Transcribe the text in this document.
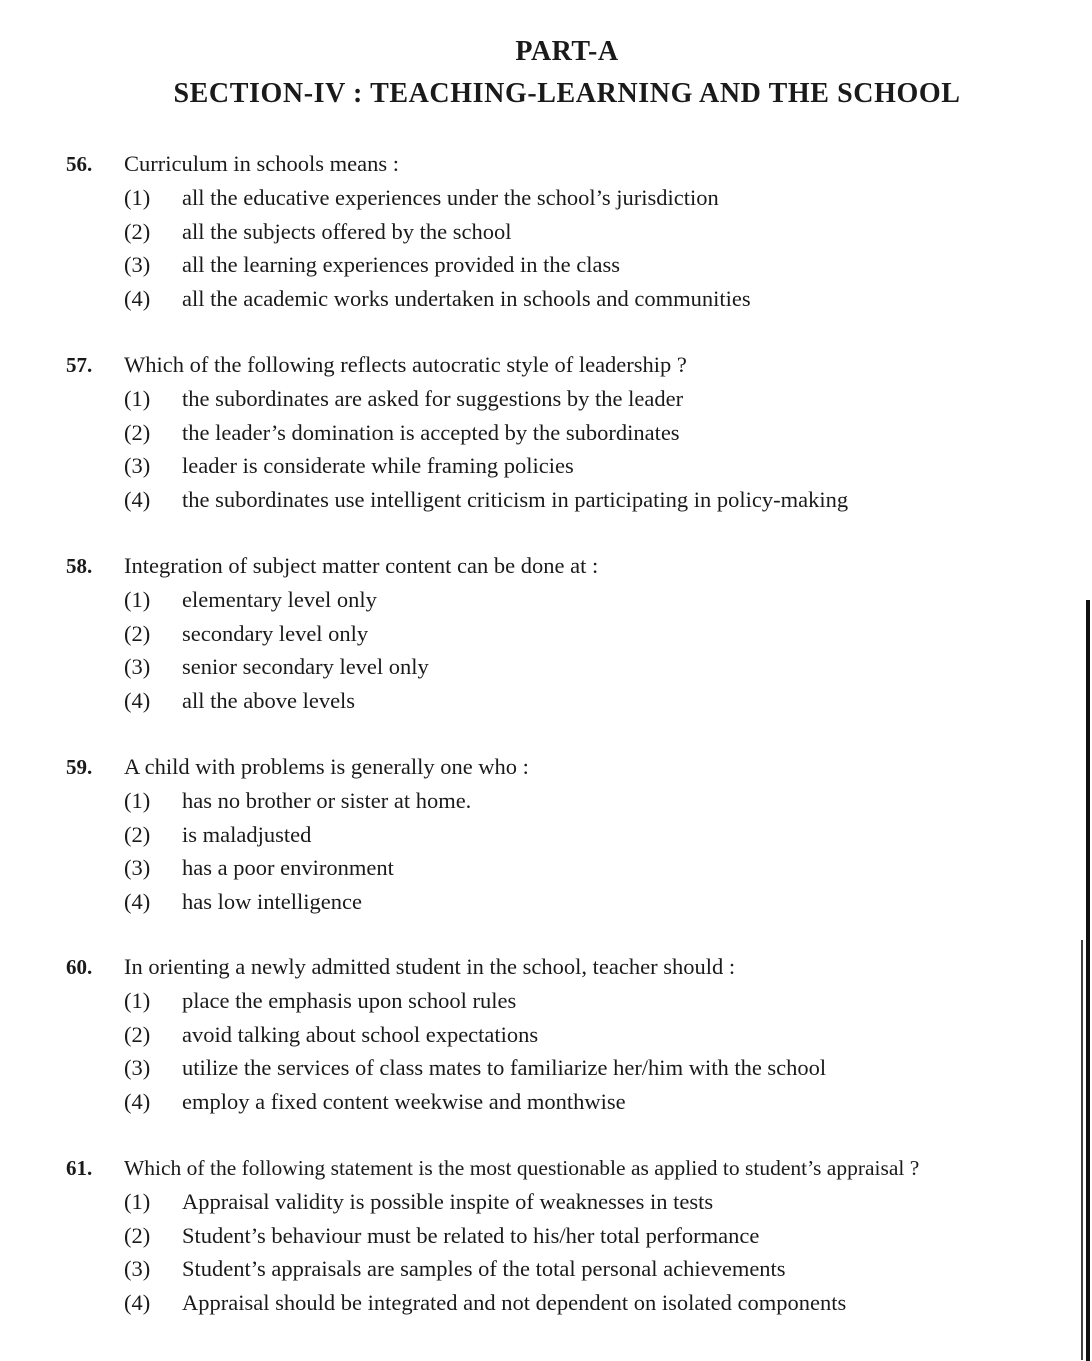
PART-A
SECTION-IV : TEACHING-LEARNING AND THE SCHOOL
56.	Curriculum in schools means :
(1)	all the educative experiences under the school’s jurisdiction
(2)	all the subjects offered by the school
(3)	all the learning experiences provided in the class
(4)	all the academic works undertaken in schools and communities
57.	Which of the following reflects autocratic style of leadership ?
(1)	the subordinates are asked for suggestions by the leader
(2)	the leader’s domination is accepted by the subordinates
(3)	leader is considerate while framing policies
(4)	the subordinates use intelligent criticism in participating in policy-making
58.	Integration of subject matter content can be done at :
(1)	elementary level only
(2)	secondary level only
(3)	senior secondary level only
(4)	all the above levels
59.	A child with problems is generally one who :
(1)	has no brother or sister at home.
(2)	is maladjusted
(3)	has a poor environment
(4)	has low intelligence
60.	In orienting a newly admitted student in the school, teacher should :
(1)	place the emphasis upon school rules
(2)	avoid talking about school expectations
(3)	utilize the services of class mates to familiarize her/him with the school
(4)	employ a fixed content weekwise and monthwise
61.	Which of the following statement is the most questionable as applied to student’s appraisal ?
(1)	Appraisal validity is possible inspite of weaknesses in tests
(2)	Student’s behaviour must be related to his/her total performance
(3)	Student’s appraisals are samples of the total personal achievements
(4)	Appraisal should be integrated and not dependent on isolated components
